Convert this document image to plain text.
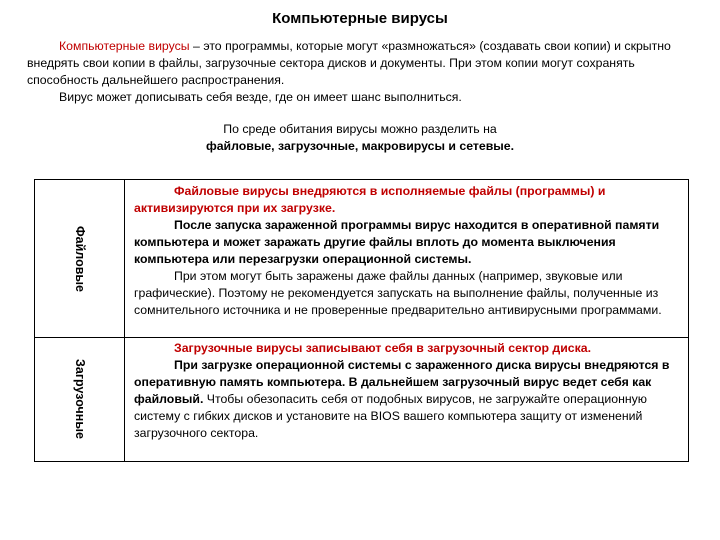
Компьютерные вирусы

Компьютерные вирусы – это программы, которые могут «размножаться» (создавать свои копии) и скрытно внедрять свои копии в файлы, загрузочные сектора дисков и документы. При этом копии могут сохранять способность дальнейшего распространения.

Вирус может дописывать себя везде, где он имеет шанс выполниться.

По среде обитания вирусы можно разделить на
файловые, загрузочные, макровирусы и сетевые.
Файловые

Файловые вирусы внедряются в исполняемые файлы (программы) и активизируются при их загрузке.

После запуска зараженной программы вирус находится в оперативной памяти компьютера и может заражать другие файлы вплоть до момента выключения компьютера или перезагрузки операционной системы.

При этом могут быть заражены даже файлы данных (например, звуковые или графические). Поэтому не рекомендуется запускать на выполнение файлы, полученные из сомнительного источника и не проверенные предварительно антивирусными программами.

Загрузочные

Загрузочные вирусы записывают себя в загрузочный сектор диска.

При загрузке операционной системы с зараженного диска вирусы внедряются в оперативную память компьютера. В дальнейшем загрузочный вирус ведет себя как файловый. Чтобы обезопасить себя от подобных вирусов, не загружайте операционную систему с гибких дисков и установите на BIOS вашего компьютера защиту от изменений загрузочного сектора.
